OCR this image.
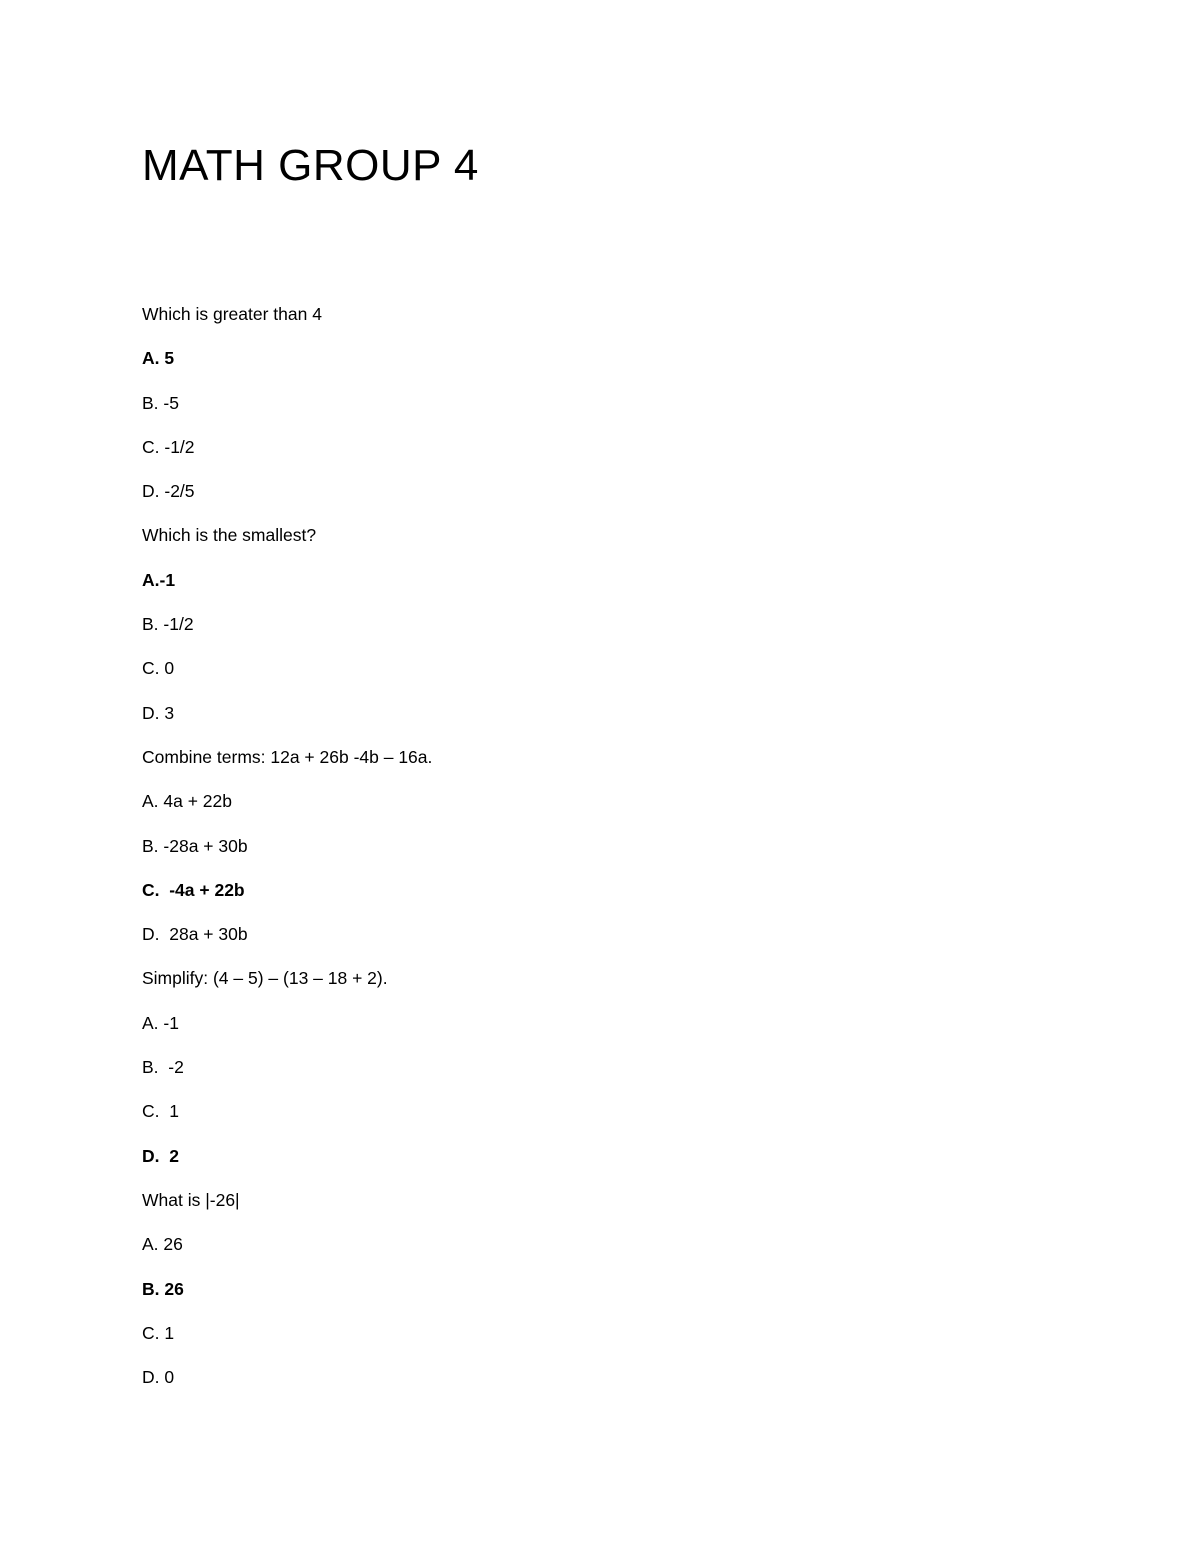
MATH GROUP 4

Which is greater than 4

A. 5

B. -5

C. -1/2

D. -2/5

Which is the smallest?

A.-1

B. -1/2

C. 0

D. 3

Combine terms: 12a + 26b -4b – 16a.

A. 4a + 22b

B. -28a + 30b

C.  -4a + 22b

D.  28a + 30b

Simplify: (4 – 5) – (13 – 18 + 2).

A. -1

B.  -2

C.  1

D.  2

What is |-26|

A. 26

B. 26

C. 1

D. 0
